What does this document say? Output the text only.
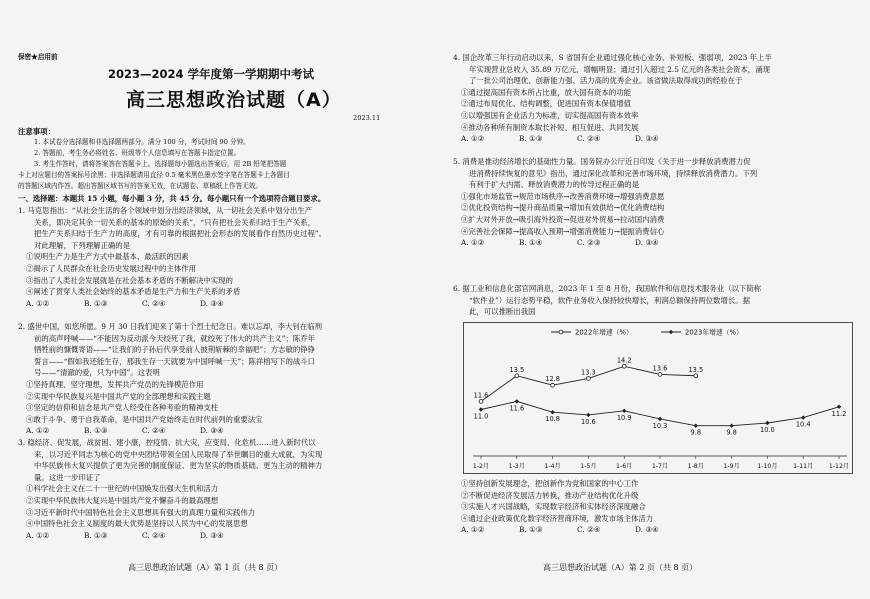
保密★启用前
2023—2024 学年度第一学期期中考试
高三思想政治试题（A）
2023.11
注意事项：
1. 本试卷分选择题和非选择题两部分。满分 100 分，考试时间 90 分钟。
2. 答题前，考生务必将姓名、班级等个人信息填写在答题卡指定位置。
3. 考生作答时，请将答案答在答题卡上。选择题每小题选出答案后，用 2B 铅笔把答题
卡上对应题目的答案标号涂黑；非选择题请用直径 0.5 毫米黑色墨水签字笔在答题卡上各题目
的答题区域内作答。超出答题区域书写的答案无效，在试题卷、草稿纸上作答无效。
一、选择题：本题共 15 小题，每小题 3 分，共 45 分。每小题只有一个选项符合题目要求。
1. 马克思指出：“从社会生活的各个领域中划分出经济领域，从一切社会关系中划分出生产
关系，即决定其余一切关系的基本的原始的关系”，“只有把社会关系归结于生产关系，
把生产关系归结于生产力的高度，才有可靠的根据把社会形态的发展看作自然历史过程”。
对此理解，下列理解正确的是
①说明生产力是生产方式中最基本、最活跃的因素
②揭示了人民群众在社会历史发展过程中的主体作用
③指出了人类社会发展就是在社会基本矛盾的不断解决中实现的
④阐述了贯穿人类社会始终的基本矛盾是生产力和生产关系的矛盾
A. ①②	B. ①③	C. ②④	D. ③④
2. 盛世中国，如您所愿。9 月 30 日我们迎来了第十个烈士纪念日。难以忘却，李大钊在临刑
前的高声呼喊——“不能因为反动派今天绞死了我，就绞死了伟大的共产主义”；陈乔年
牺牲前的慷慨寄语——“让我们的子孙后代享受前人披荆斩棘的幸福吧”；方志敏的铮铮
誓言——“假如我还能生存，那我生存一天就要为中国呼喊一天”；陈祥榕写下的战斗口
号——“清澈的爱，只为中国”。这表明
①坚持真理、坚守理想、发挥共产党员的先锋模范作用
②实现中华民族复兴是中国共产党的全部理想和实践主题
③坚定的信仰和信念是共产党人经受住各种考验的精神支柱
④敢于斗争、勇于自我革命，是中国共产党始终走在时代前列的重要法宝
A. ①②	B. ①③	C. ②④	D. ③④
3. 稳经济、促发展，战贫困、建小康，控疫情、抗大灾，应变局、化危机……进入新时代以
来，以习近平同志为核心的党中央团结带领全国人民取得了举世瞩目的重大成就，为实现
中华民族伟大复兴提供了更为完善的制度保证、更为坚实的物质基础、更为主动的精神力
量。这进一步印证了
①科学社会主义在二十一世纪的中国焕发出强大生机和活力
②实现中华民族伟大复兴是中国共产党不懈奋斗的最高理想
③习近平新时代中国特色社会主义思想具有强大的真理力量和实践伟力
④中国特色社会主义制度的最大优势是坚持以人民为中心的发展思想
A. ①②	B. ①③	C. ②④	D. ③④
高三思想政治试题（A）第 1 页（共 8 页）
4. 国企改革三年行动启动以来，S 省国有企业通过强化核心业务、补短板、强弱项，2023 年上半
年实现营业总收入 35.89 万亿元，增幅明显；通过引入超过 2.5 亿元的各类社会资本，涌现
了一批公司治理优、创新能力强、活力高的优秀企业。该省做法取得成功的经验在于
①通过提高国有资本所占比重，放大国有资本的功能
②通过布局优化、结构调整，促进国有资本保值增值
③以增强国有企业活力为标准，切实提高国有资本效率
④推动各种所有制资本取长补短、相互促进、共同发展
A. ①②	B. ①③	C. ②④	D. ③④
5. 消费是推动经济增长的基础性力量。国务院办公厅近日印发《关于进一步释放消费潜力促
进消费持续恢复的意见》指出，通过深化改革和完善市场环境，持续释放消费潜力。下列
有利于扩大内需、释放消费潜力的传导过程正确的是
①强化市场监管→规范市场秩序→改善消费环境→增强消费意愿
②优化投资结构→提升商品质量→增加有效供给→优化消费结构
③扩大对外开放→吸引海外投资→促进对外贸易→拉动国内消费
④完善社会保障→提高收入预期→增强消费能力→提振消费信心
A. ①②	B. ①④	C. ②③	D. ③④
6. 据工业和信息化部官网消息，2023 年 1 至 8 月份，我国软件和信息技术服务业（以下简称
“软件业”）运行态势平稳，软件业务收入保持较快增长，利润总额保持两位数增长。据
此，可以推断出我国
1-2月	1-3月	1-4月	1-5月	1-6月	1-7月	1-8月	1-9月	1-10月	1-11月	1-12月
11.6
13.5
12.8
13.3
14.2
13.6	13.5
11.0
11.6
10.8	10.6
10.9
10.3
9.8	9.8	10.0
10.4
11.2
2022年增速（%）	2023年增速（%）
①坚持创新发展理念，把创新作为党和国家的中心工作
②不断促进经济发展活力转换，推动产业结构优化升级
③实施人才兴国战略，实现数字经济和实体经济深度融合
④通过企业政策优化数字经济营商环境，激发市场主体活力
A. ①②	B. ①③	C. ②④	D. ③④
高三思想政治试题（A）第 2 页（共 8 页）
